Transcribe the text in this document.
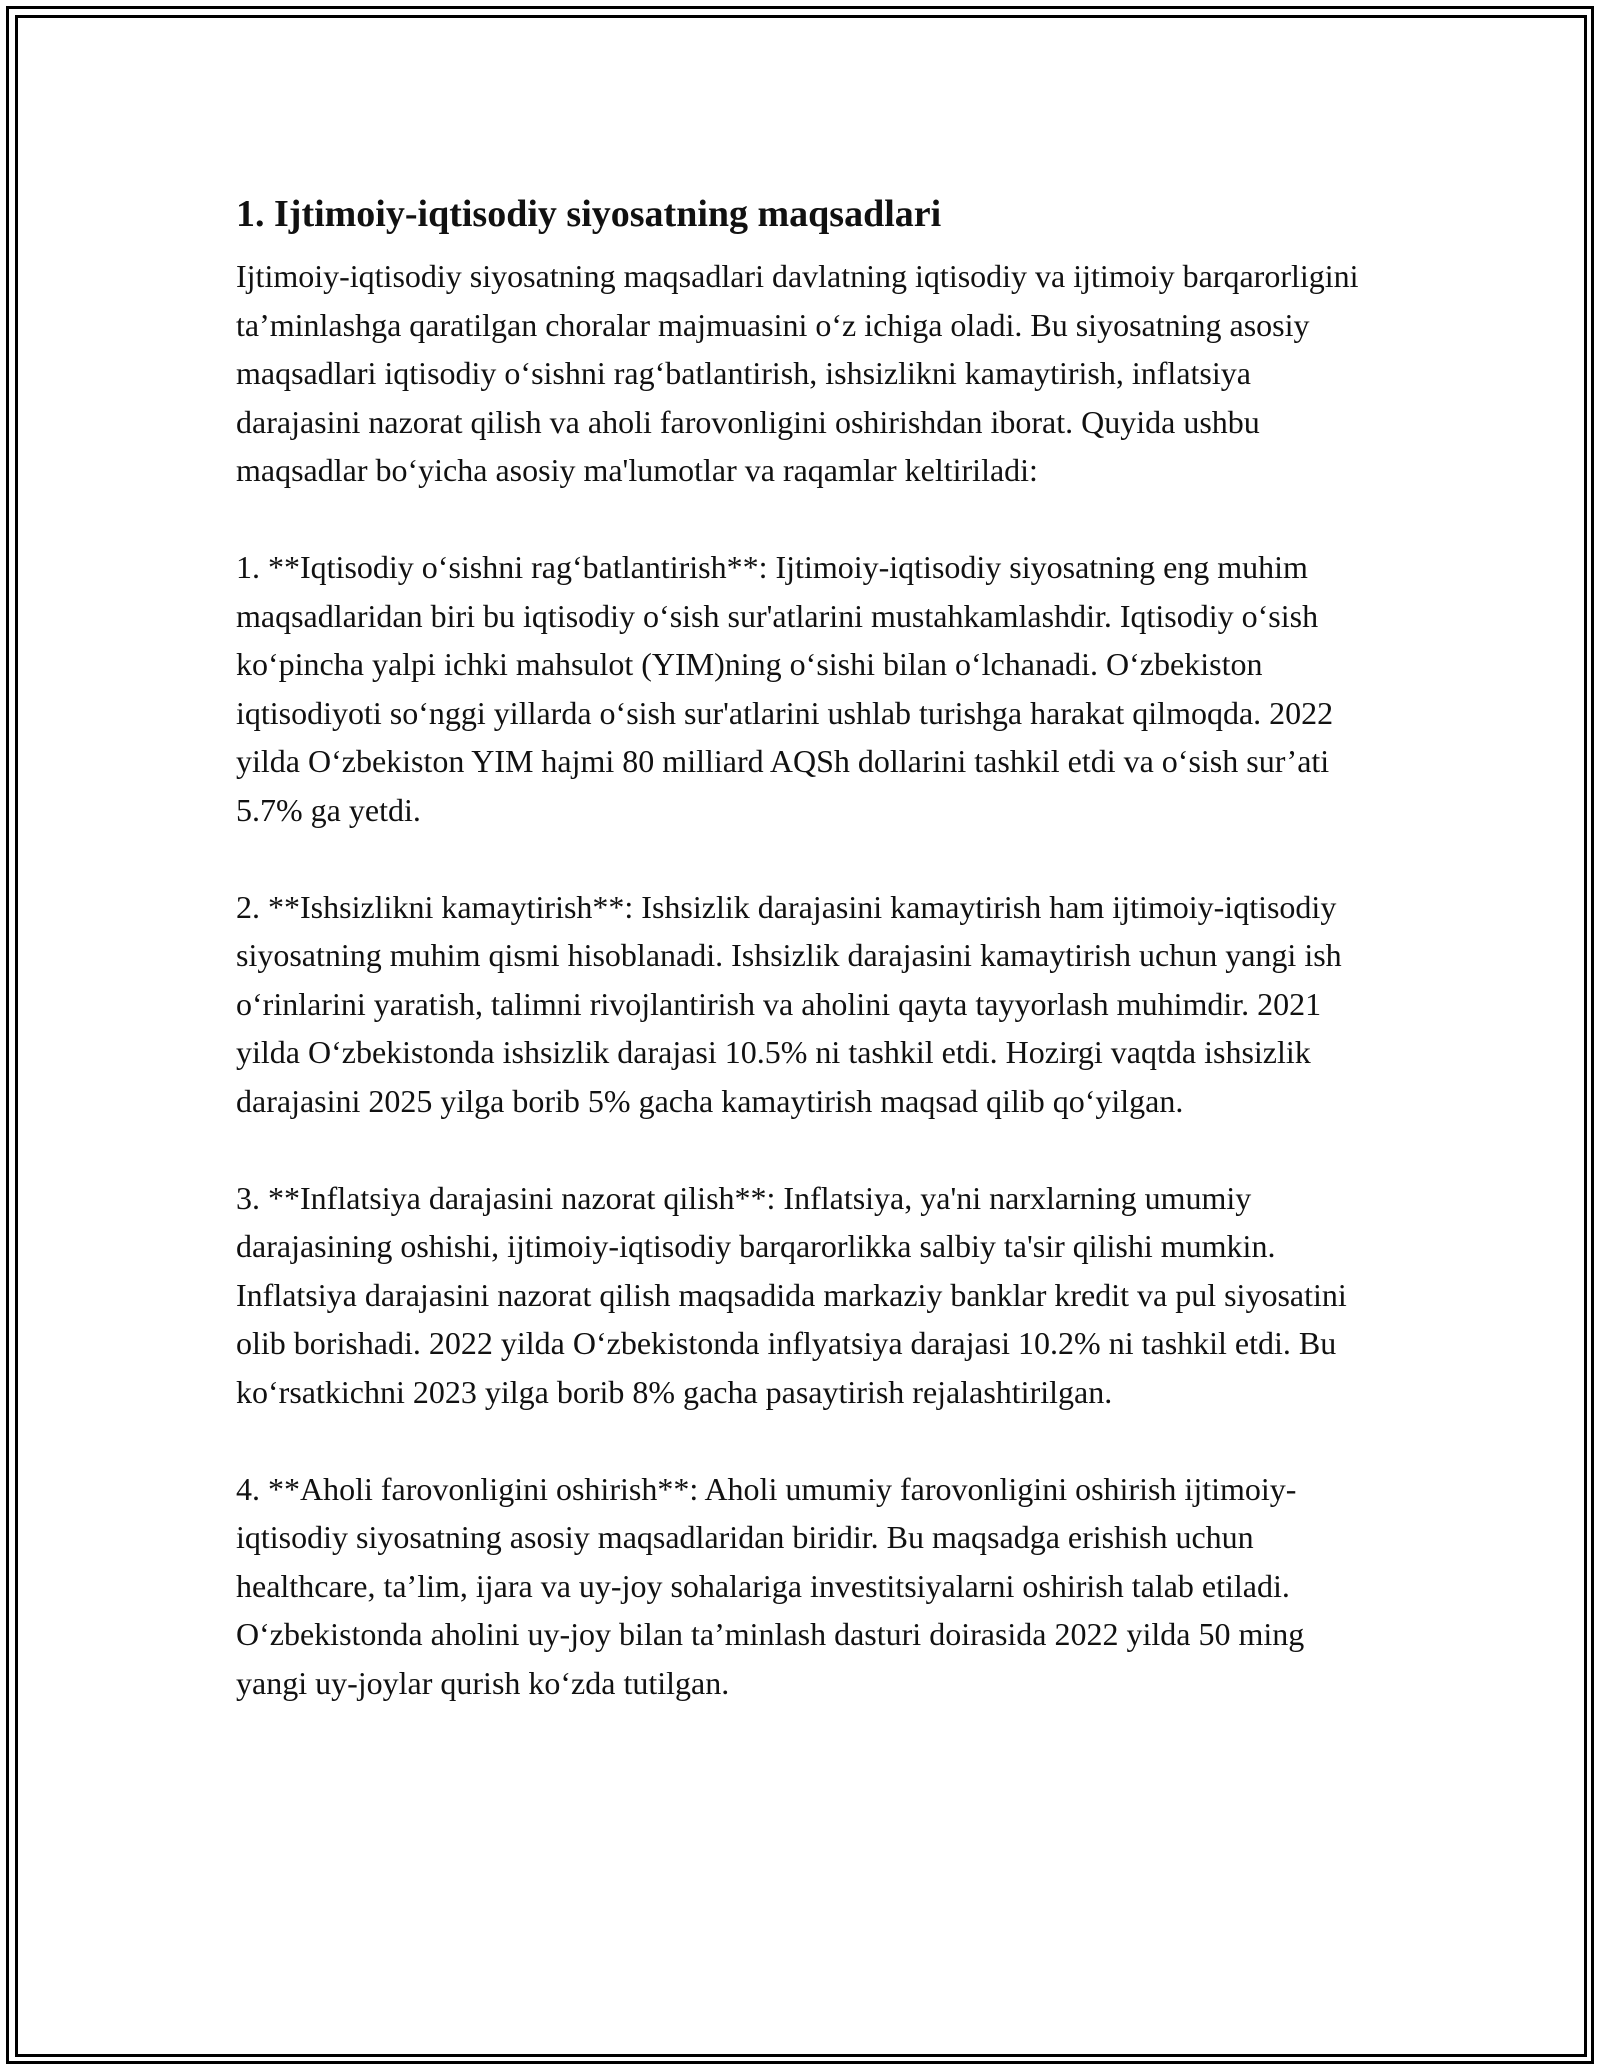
1. Ijtimoiy-iqtisodiy siyosatning maqsadlari

Ijtimoiy-iqtisodiy siyosatning maqsadlari davlatning iqtisodiy va ijtimoiy barqarorligini ta’minlashga qaratilgan choralar majmuasini o‘z ichiga oladi. Bu siyosatning asosiy maqsadlari iqtisodiy o‘sishni rag‘batlantirish, ishsizlikni kamaytirish, inflatsiya darajasini nazorat qilish va aholi farovonligini oshirishdan iborat. Quyida ushbu maqsadlar bo‘yicha asosiy ma'lumotlar va raqamlar keltiriladi:

1. **Iqtisodiy o‘sishni rag‘batlantirish**: Ijtimoiy-iqtisodiy siyosatning eng muhim maqsadlaridan biri bu iqtisodiy o‘sish sur'atlarini mustahkamlashdir. Iqtisodiy o‘sish ko‘pincha yalpi ichki mahsulot (YIM)ning o‘sishi bilan o‘lchanadi. O‘zbekiston iqtisodiyoti so‘nggi yillarda o‘sish sur'atlarini ushlab turishga harakat qilmoqda. 2022 yilda O‘zbekiston YIM hajmi 80 milliard AQSh dollarini tashkil etdi va o‘sish sur’ati 5.7% ga yetdi.

2. **Ishsizlikni kamaytirish**: Ishsizlik darajasini kamaytirish ham ijtimoiy-iqtisodiy siyosatning muhim qismi hisoblanadi. Ishsizlik darajasini kamaytirish uchun yangi ish o‘rinlarini yaratish, talimni rivojlantirish va aholini qayta tayyorlash muhimdir. 2021 yilda O‘zbekistonda ishsizlik darajasi 10.5% ni tashkil etdi. Hozirgi vaqtda ishsizlik darajasini 2025 yilga borib 5% gacha kamaytirish maqsad qilib qo‘yilgan.

3. **Inflatsiya darajasini nazorat qilish**: Inflatsiya, ya'ni narxlarning umumiy darajasining oshishi, ijtimoiy-iqtisodiy barqarorlikka salbiy ta'sir qilishi mumkin. Inflatsiya darajasini nazorat qilish maqsadida markaziy banklar kredit va pul siyosatini olib borishadi. 2022 yilda O‘zbekistonda inflyatsiya darajasi 10.2% ni tashkil etdi. Bu ko‘rsatkichni 2023 yilga borib 8% gacha pasaytirish rejalashtirilgan.

4. **Aholi farovonligini oshirish**: Aholi umumiy farovonligini oshirish ijtimoiy-iqtisodiy siyosatning asosiy maqsadlaridan biridir. Bu maqsadga erishish uchun healthcare, ta’lim, ijara va uy-joy sohalariga investitsiyalarni oshirish talab etiladi. O‘zbekistonda aholini uy-joy bilan ta’minlash dasturi doirasida 2022 yilda 50 ming yangi uy-joylar qurish ko‘zda tutilgan.
